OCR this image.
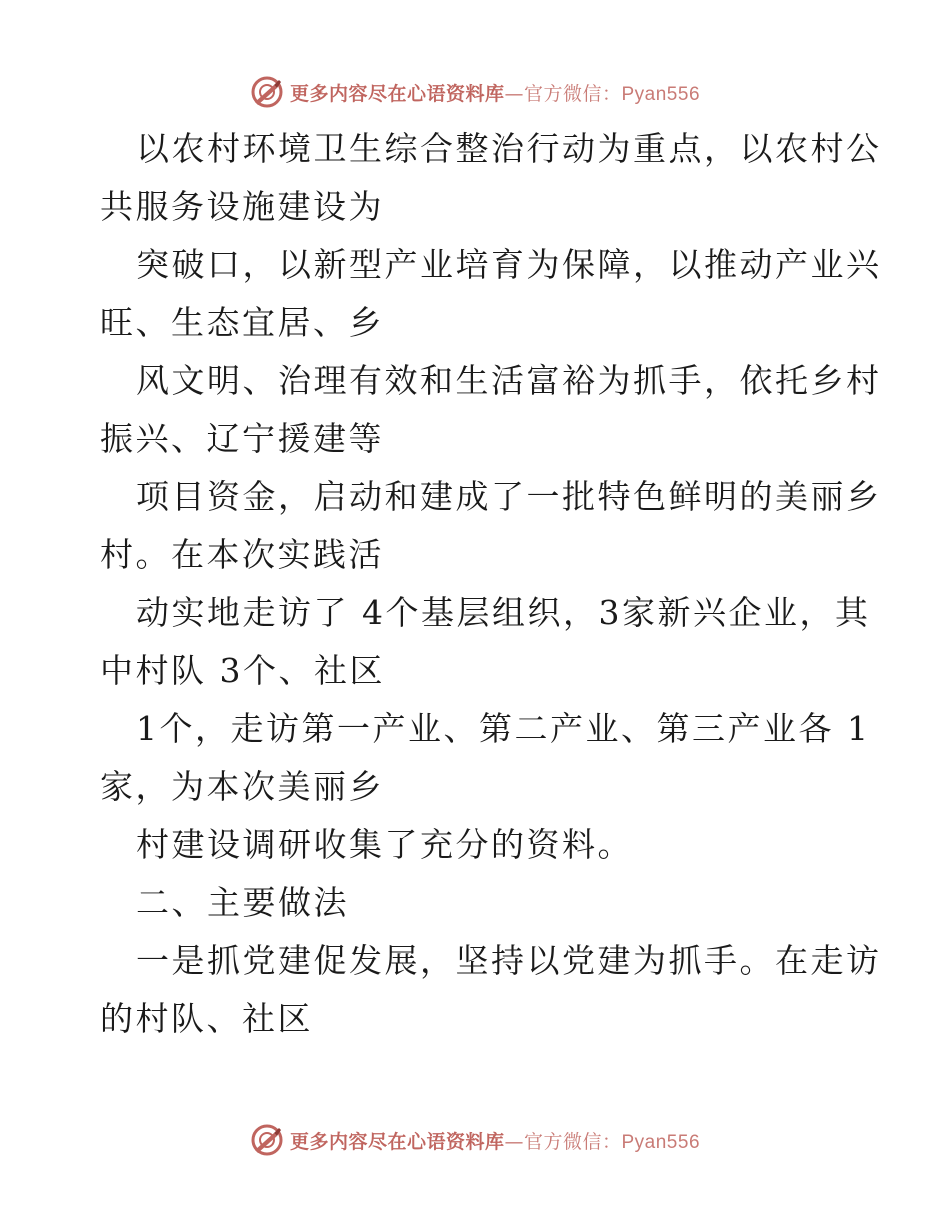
更多内容尽在心语资料库—官方微信：Pyan556

以农村环境卫生综合整治行动为重点，以农村公

共服务设施建设为

突破口，以新型产业培育为保障，以推动产业兴

旺、生态宜居、乡

风文明、治理有效和生活富裕为抓手，依托乡村

振兴、辽宁援建等

项目资金，启动和建成了一批特色鲜明的美丽乡

村。在本次实践活

动实地走访了 4个基层组织，3家新兴企业，其

中村队 3个、社区

1个，走访第一产业、第二产业、第三产业各 1

家，为本次美丽乡

村建设调研收集了充分的资料。

二、主要做法

一是抓党建促发展，坚持以党建为抓手。在走访

的村队、社区

更多内容尽在心语资料库—官方微信：Pyan556
